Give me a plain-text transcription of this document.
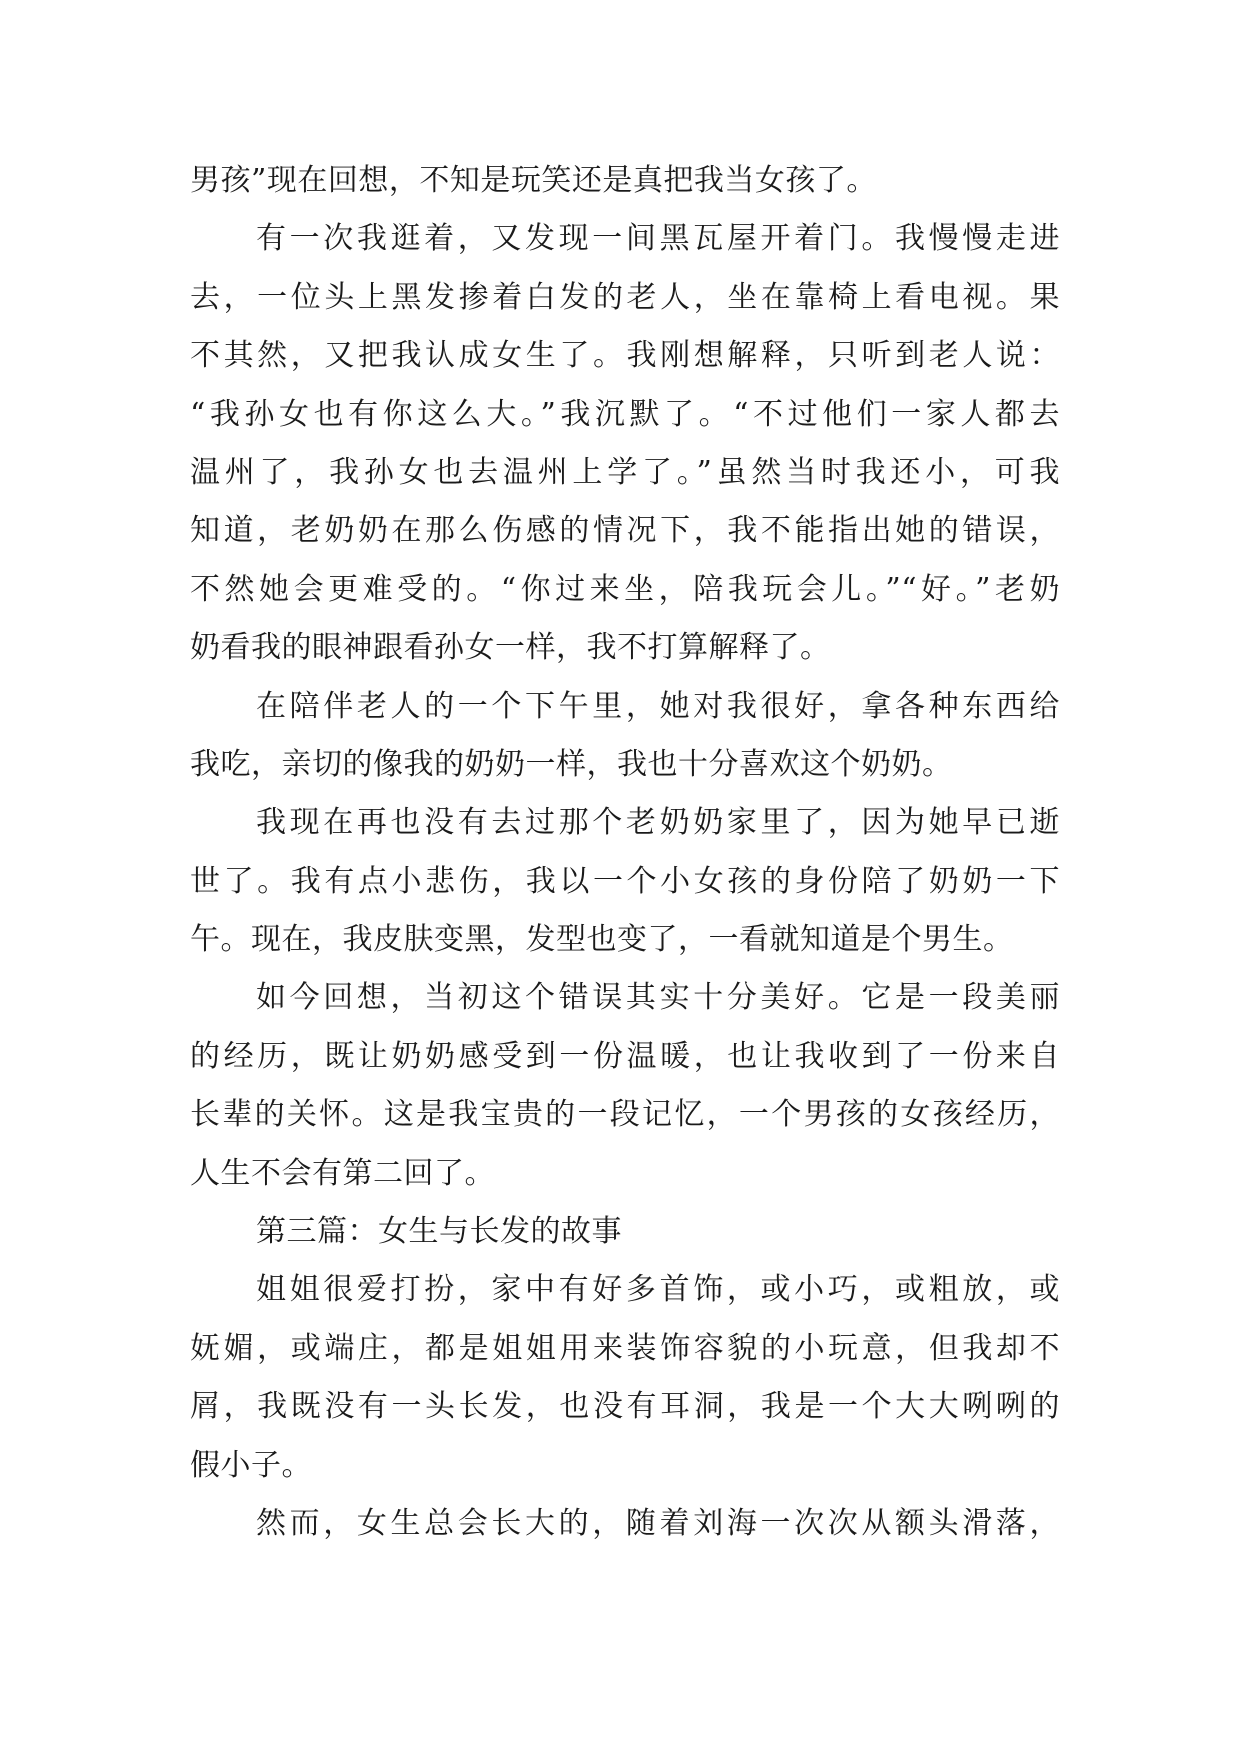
男孩”现在回想，不知是玩笑还是真把我当女孩了。
有一次我逛着，又发现一间黑瓦屋开着门。我慢慢走进
去，一位头上黑发掺着白发的老人，坐在靠椅上看电视。果
不其然，又把我认成女生了。我刚想解释，只听到老人说：
“我孙女也有你这么大。”我沉默了。“不过他们一家人都去
温州了，我孙女也去温州上学了。”虽然当时我还小，可我
知道，老奶奶在那么伤感的情况下，我不能指出她的错误，
不然她会更难受的。“你过来坐，陪我玩会儿。”“好。”老奶
奶看我的眼神跟看孙女一样，我不打算解释了。
在陪伴老人的一个下午里，她对我很好，拿各种东西给
我吃，亲切的像我的奶奶一样，我也十分喜欢这个奶奶。
我现在再也没有去过那个老奶奶家里了，因为她早已逝
世了。我有点小悲伤，我以一个小女孩的身份陪了奶奶一下
午。现在，我皮肤变黑，发型也变了，一看就知道是个男生。
如今回想，当初这个错误其实十分美好。它是一段美丽
的经历，既让奶奶感受到一份温暖，也让我收到了一份来自
长辈的关怀。这是我宝贵的一段记忆，一个男孩的女孩经历，
人生不会有第二回了。
第三篇：女生与长发的故事
姐姐很爱打扮，家中有好多首饰，或小巧，或粗放，或
妩媚，或端庄，都是姐姐用来装饰容貌的小玩意，但我却不
屑，我既没有一头长发，也没有耳洞，我是一个大大咧咧的
假小子。
然而，女生总会长大的，随着刘海一次次从额头滑落，
